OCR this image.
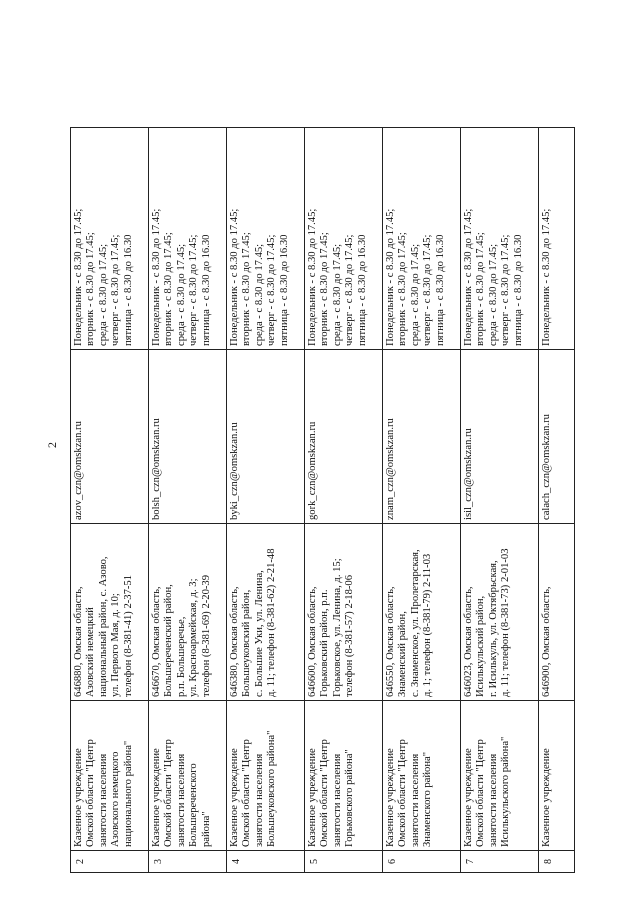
2
2	Казенное учреждение Омской области "Центр занятости населения Азовского немецкого национального района"	646880, Омская область, Азовский немецкий национальный район, с. Азово, ул. Первого Мая, д. 10; телефон (8-381-41) 2-37-51	azov_czn@omskzan.ru	Понедельник - с 8.30 до 17.45; вторник - с 8.30 до 17.45; среда - с 8.30 до 17.45; четверг - с 8.30 до 17.45; пятница - с 8.30 до 16.30

3	Казенное учреждение Омской области "Центр занятости населения Большереченского района"	646670, Омская область, Большереченский район, р.п. Большеречье, ул. Красноармейская, д. 3; телефон (8-381-69) 2-20-39	bolsh_czn@omskzan.ru	Понедельник - с 8.30 до 17.45; вторник - с 8.30 до 17.45; среда - с 8.30 до 17.45; четверг - с 8.30 до 17.45; пятница - с 8.30 до 16.30

4	Казенное учреждение Омской области "Центр занятости населения Большеуковского района"	646380, Омская область, Большеуковский район, с. Большие Уки, ул. Ленина, д. 11; телефон (8-381-62) 2-21-48	byki_czn@omskzan.ru	Понедельник - с 8.30 до 17.45; вторник - с 8.30 до 17.45; среда - с 8.30 до 17.45; четверг - с 8.30 до 17.45; пятница - с 8.30 до 16.30

5	Казенное учреждение Омской области "Центр занятости населения Горьковского района"	646600, Омская область, Горьковский район, р.п. Горьковское, ул. Ленина, д. 15; телефон (8-381-57) 2-18-06	gork_czn@omskzan.ru	Понедельник - с 8.30 до 17.45; вторник - с 8.30 до 17.45; среда - с 8.30 до 17.45; четверг - с 8.30 до 17.45; пятница - с 8.30 до 16.30

6	Казенное учреждение Омской области "Центр занятости населения Знаменского района"	646550, Омская область, Знаменский район, с. Знаменское, ул. Пролетарская, д. 1; телефон (8-381-79) 2-11-03	znam_czn@omskzan.ru	Понедельник - с 8.30 до 17.45; вторник - с 8.30 до 17.45; среда - с 8.30 до 17.45; четверг - с 8.30 до 17.45; пятница - с 8.30 до 16.30

7	Казенное учреждение Омской области "Центр занятости населения Исилькульского района"	646023, Омская область, Исилькульский район, г. Исилькуль, ул. Октябрьская, д. 11; телефон (8-381-73) 2-01-03	isil_czn@omskzan.ru	Понедельник - с 8.30 до 17.45; вторник - с 8.30 до 17.45; среда - с 8.30 до 17.45; четверг - с 8.30 до 17.45; пятница - с 8.30 до 16.30

8	Казенное учреждение	646900, Омская область,	calach_czn@omskzan.ru	Понедельник - с 8.30 до 17.45;
